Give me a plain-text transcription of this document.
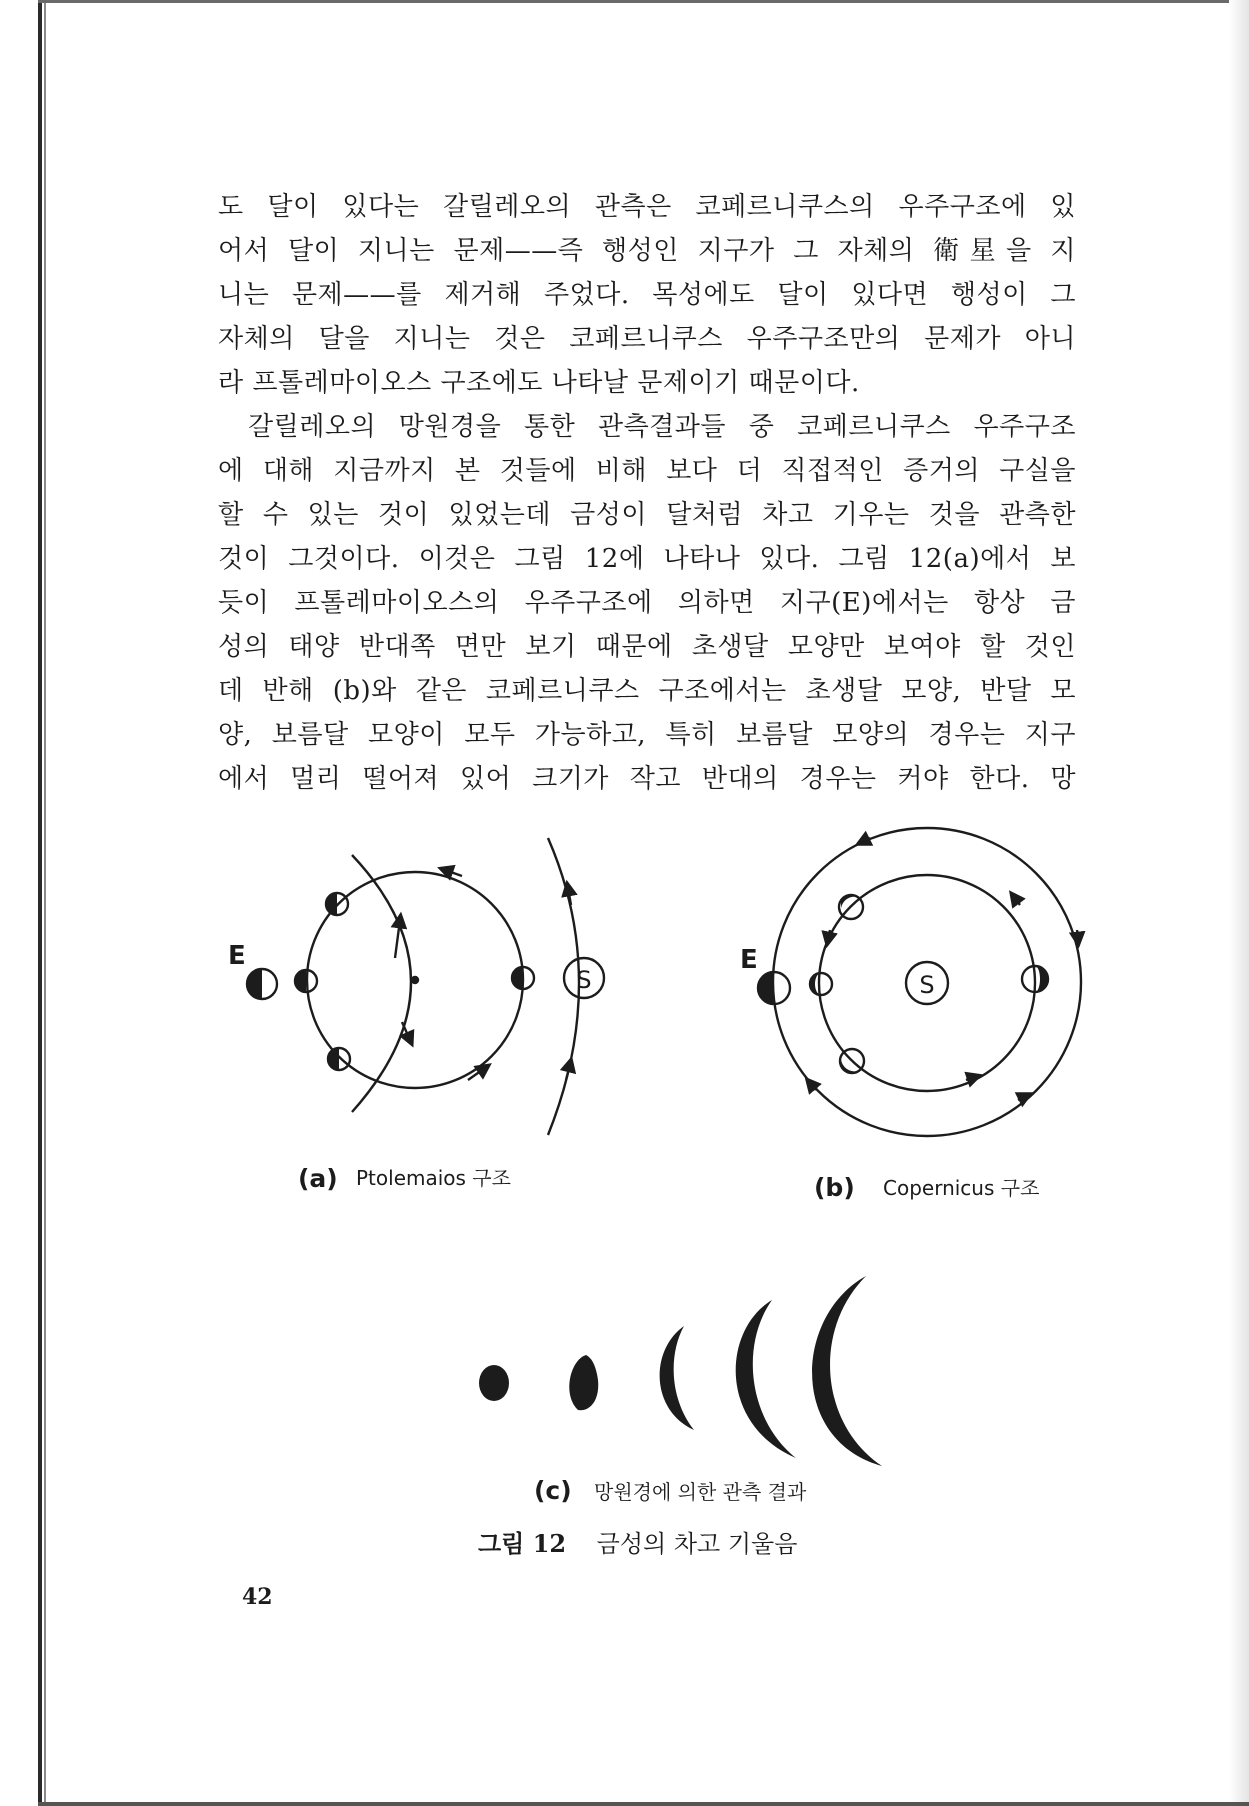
도 달이 있다는 갈릴레오의 관측은 코페르니쿠스의 우주구조에 있
어서 달이 지니는 문제——즉 행성인 지구가 그 자체의 衛星을 지
니는 문제——를 제거해 주었다. 목성에도 달이 있다면 행성이 그
자체의 달을 지니는 것은 코페르니쿠스 우주구조만의 문제가 아니
라 프톨레마이오스 구조에도 나타날 문제이기 때문이다.
갈릴레오의 망원경을 통한 관측결과들 중 코페르니쿠스 우주구조
에 대해 지금까지 본 것들에 비해 보다 더 직접적인 증거의 구실을
할 수 있는 것이 있었는데 금성이 달처럼 차고 기우는 것을 관측한
것이 그것이다. 이것은 그림 12에 나타나 있다. 그림 12(a)에서 보
듯이 프톨레마이오스의 우주구조에 의하면 지구(E)에서는 항상 금
성의 태양 반대쪽 면만 보기 때문에 초생달 모양만 보여야 할 것인
데 반해 (b)와 같은 코페르니쿠스 구조에서는 초생달 모양, 반달 모
양, 보름달 모양이 모두 가능하고, 특히 보름달 모양의 경우는 지구
에서 멀리 떨어져 있어 크기가 작고 반대의 경우는 커야 한다. 망
E
S
E
S
(a) Ptolemaios 구조	(b) Copernicus 구조
(c) 망원경에 의한 관측 결과
그림 12 금성의 차고 기울음
42
